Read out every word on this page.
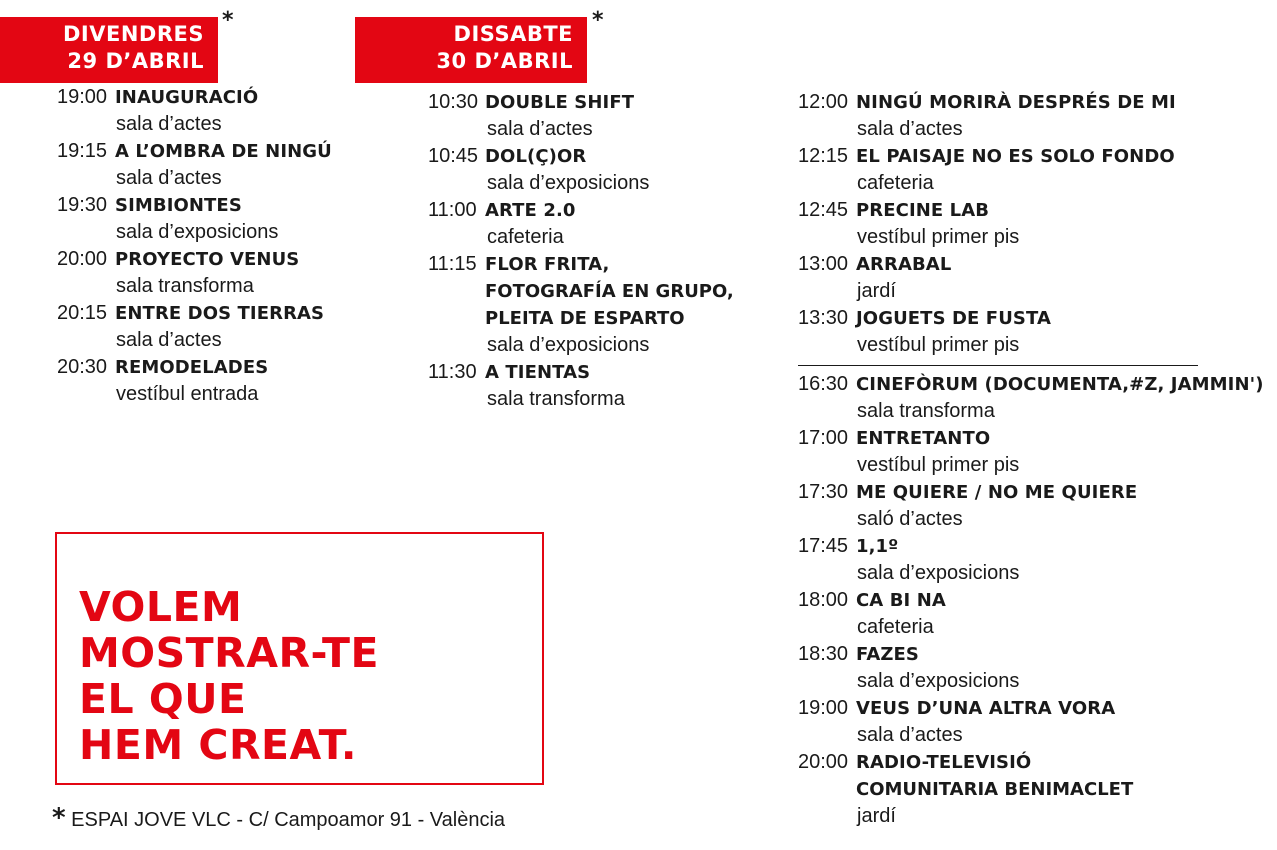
DIVENDRES
29 D’ABRIL
*
DISSABTE
30 D’ABRIL
*
19:00 INAUGURACIÓ
sala d’actes
19:15 A L’OMBRA DE NINGÚ
sala d’actes
19:30 SIMBIONTES
sala d’exposicions
20:00 PROYECTO VENUS
sala transforma
20:15 ENTRE DOS TIERRAS
sala d’actes
20:30 REMODELADES
vestíbul entrada
10:30 DOUBLE SHIFT
sala d’actes
10:45 DOL(Ç)OR
sala d’exposicions
11:00 ARTE 2.0
cafeteria
11:15 FLOR FRITA,
FOTOGRAFÍA EN GRUPO,
PLEITA DE ESPARTO
sala d’exposicions
11:30 A TIENTAS
sala transforma
12:00 NINGÚ MORIRÀ DESPRÉS DE MI
sala d’actes
12:15 EL PAISAJE NO ES SOLO FONDO
cafeteria
12:45 PRECINE LAB
vestíbul primer pis
13:00 ARRABAL
jardí
13:30 JOGUETS DE FUSTA
vestíbul primer pis
16:30 CINEFÒRUM (DOCUMENTA,#Z, JAMMIN')
sala transforma
17:00 ENTRETANTO
vestíbul primer pis
17:30 ME QUIERE / NO ME QUIERE
saló d’actes
17:45 1,1º
sala d’exposicions
18:00 CA BI NA
cafeteria
18:30 FAZES
sala d’exposicions
19:00 VEUS D’UNA ALTRA VORA
sala d’actes
20:00 RADIO-TELEVISIÓ
COMUNITARIA BENIMACLET
jardí
VOLEM
MOSTRAR-TE
EL QUE
HEM CREAT.
* ESPAI JOVE VLC - C/ Campoamor 91 - València
